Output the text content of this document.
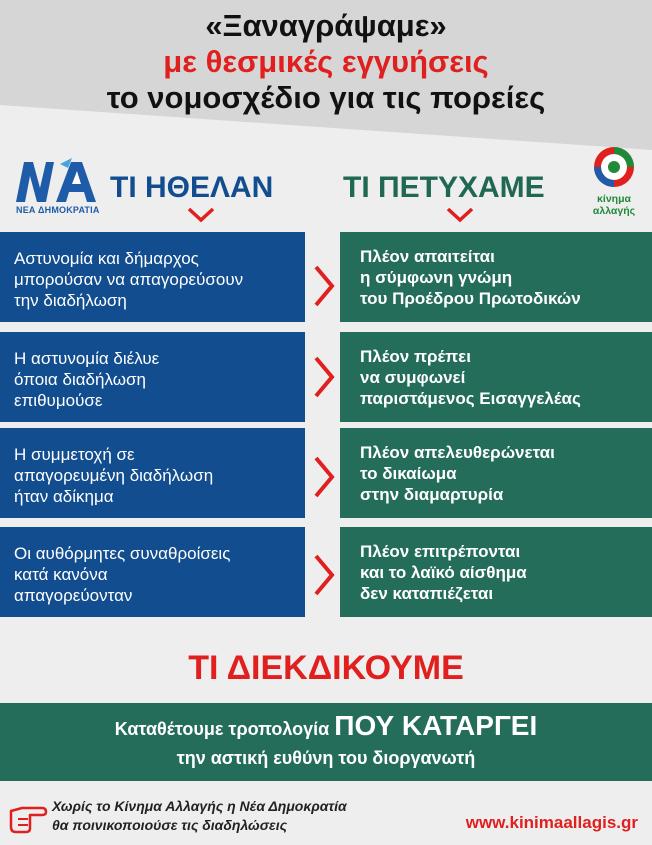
«Ξαναγράψαμε»
με θεσμικές εγγυήσεις
το νομοσχέδιο για τις πορείες
ΝΕΑ ΔΗΜΟΚΡΑΤΙΑ
ΤΙ ΗΘΕΛΑΝ ΤΙ ΠΕΤΥΧΑΜΕ	κίνημα
αλλαγής
Αστυνομία και δήμαρχος
μπορούσαν να απαγορεύσουν
την διαδήλωση
Πλέον απαιτείται
η σύμφωνη γνώμη
του Προέδρου Πρωτοδικών
Η αστυνομία διέλυε
όποια διαδήλωση
επιθυμούσε
Πλέον πρέπει
να συμφωνεί
παριστάμενος Εισαγγελέας
Η συμμετοχή σε
απαγορευμένη διαδήλωση
ήταν αδίκημα
Πλέον απελευθερώνεται
το δικαίωμα
στην διαμαρτυρία
Οι αυθόρμητες συναθροίσεις
κατά κανόνα
απαγορεύονταν
Πλέον επιτρέπονται
και το λαϊκό αίσθημα
δεν καταπιέζεται
ΤΙ ΔΙΕΚΔΙΚΟΥΜΕ
Καταθέτουμε τροπολογία ΠΟΥ ΚΑΤΑΡΓΕΙ
την αστική ευθύνη του διοργανωτή
Χωρίς το Κίνημα Αλλαγής η Νέα Δημοκρατία
θα ποινικοποιούσε τις διαδηλώσεις	www.kinimaallagis.gr
